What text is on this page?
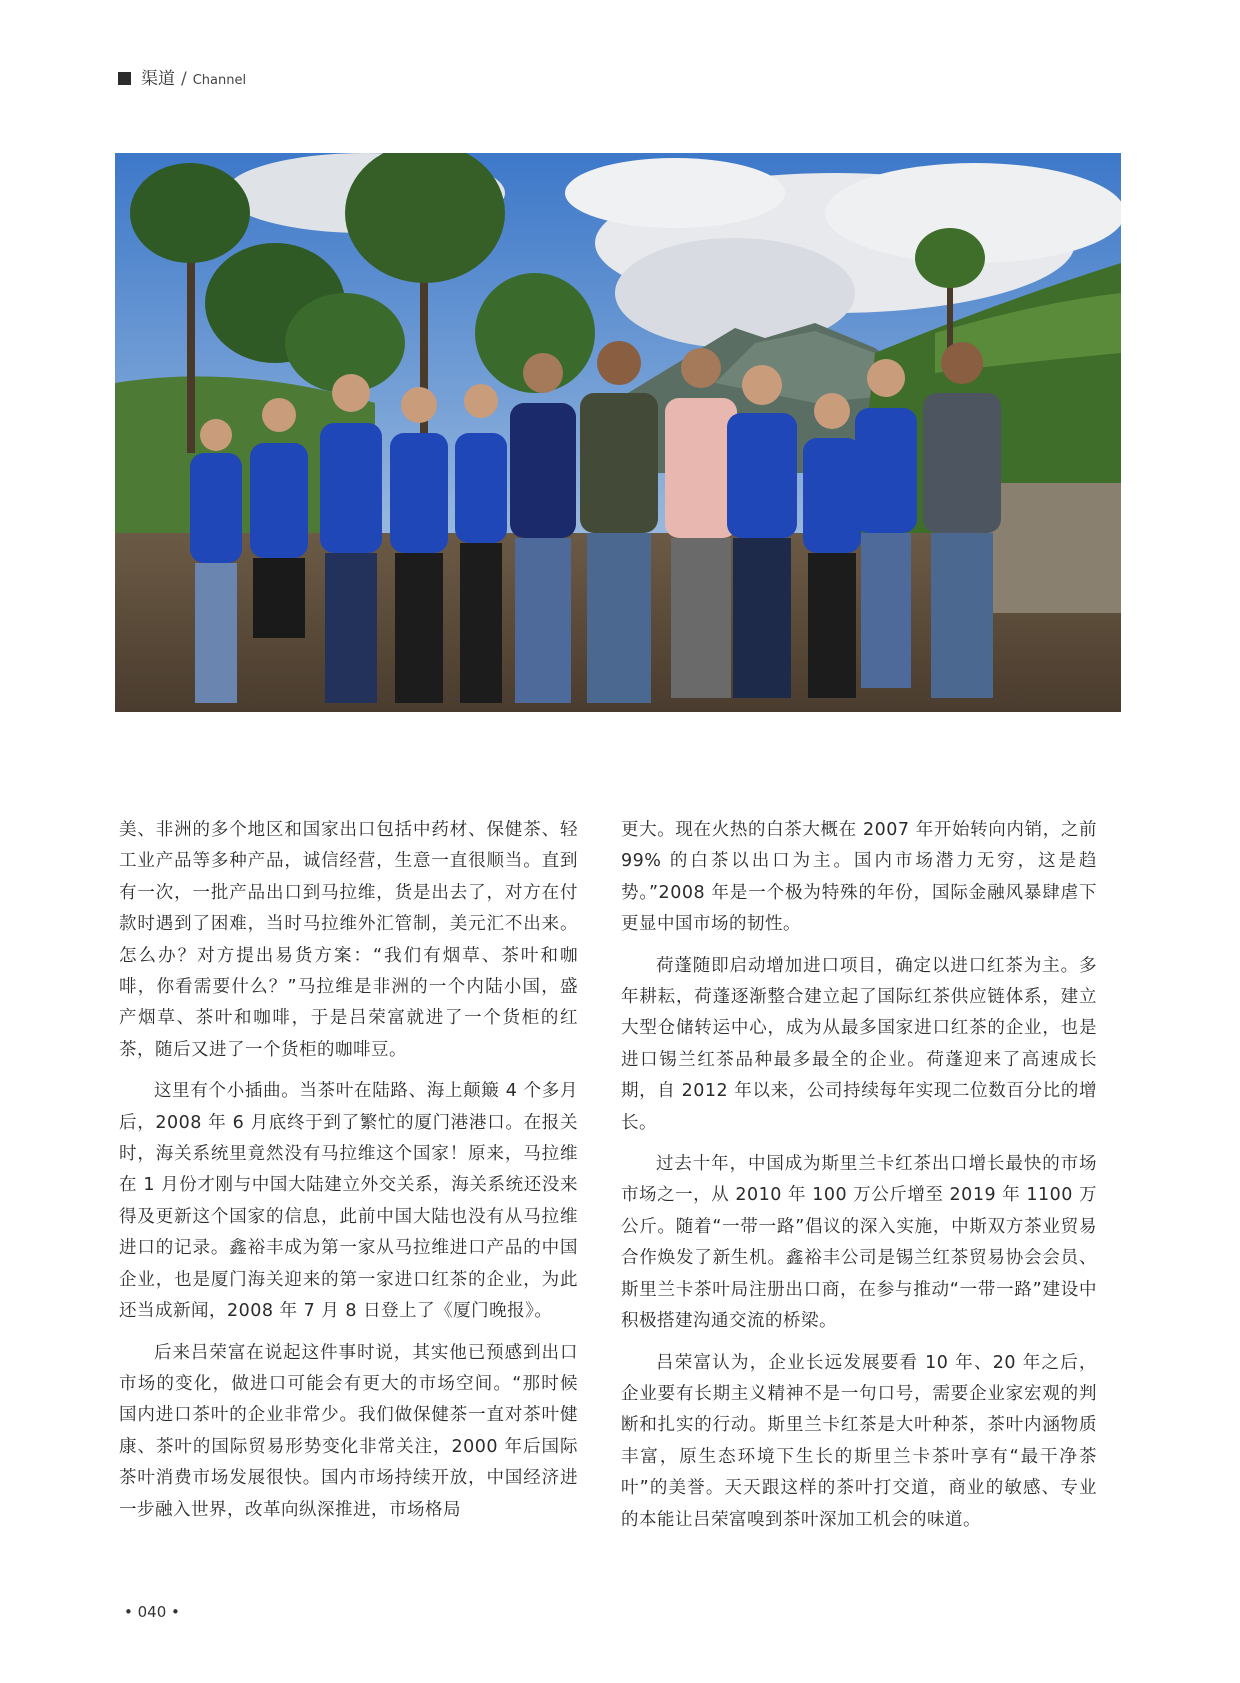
渠道 / Channel

美、非洲的多个地区和国家出口包括中药材、保健茶、轻工业产品等多种产品，诚信经营，生意一直很顺当。直到有一次，一批产品出口到马拉维，货是出去了，对方在付款时遇到了困难，当时马拉维外汇管制，美元汇不出来。怎么办？对方提出易货方案：“我们有烟草、茶叶和咖啡，你看需要什么？”马拉维是非洲的一个内陆小国，盛产烟草、茶叶和咖啡，于是吕荣富就进了一个货柜的红茶，随后又进了一个货柜的咖啡豆。

这里有个小插曲。当茶叶在陆路、海上颠簸 4 个多月后，2008 年 6 月底终于到了繁忙的厦门港港口。在报关时，海关系统里竟然没有马拉维这个国家！原来，马拉维在 1 月份才刚与中国大陆建立外交关系，海关系统还没来得及更新这个国家的信息，此前中国大陆也没有从马拉维进口的记录。鑫裕丰成为第一家从马拉维进口产品的中国企业，也是厦门海关迎来的第一家进口红茶的企业，为此还当成新闻，2008 年 7 月 8 日登上了《厦门晚报》。

后来吕荣富在说起这件事时说，其实他已预感到出口市场的变化，做进口可能会有更大的市场空间。“那时候国内进口茶叶的企业非常少。我们做保健茶一直对茶叶健康、茶叶的国际贸易形势变化非常关注，2000 年后国际茶叶消费市场发展很快。国内市场持续开放，中国经济进一步融入世界，改革向纵深推进，市场格局

更大。现在火热的白茶大概在 2007 年开始转向内销，之前 99% 的白茶以出口为主。国内市场潜力无穷，这是趋势。”2008 年是一个极为特殊的年份，国际金融风暴肆虐下更显中国市场的韧性。

荷蓬随即启动增加进口项目，确定以进口红茶为主。多年耕耘，荷蓬逐渐整合建立起了国际红茶供应链体系，建立大型仓储转运中心，成为从最多国家进口红茶的企业，也是进口锡兰红茶品种最多最全的企业。荷蓬迎来了高速成长期，自 2012 年以来，公司持续每年实现二位数百分比的增长。

过去十年，中国成为斯里兰卡红茶出口增长最快的市场市场之一，从 2010 年 100 万公斤增至 2019 年 1100 万公斤。随着“一带一路”倡议的深入实施，中斯双方茶业贸易合作焕发了新生机。鑫裕丰公司是锡兰红茶贸易协会会员、斯里兰卡茶叶局注册出口商，在参与推动“一带一路”建设中积极搭建沟通交流的桥梁。

吕荣富认为，企业长远发展要看 10 年、20 年之后，企业要有长期主义精神不是一句口号，需要企业家宏观的判断和扎实的行动。斯里兰卡红茶是大叶种茶，茶叶内涵物质丰富，原生态环境下生长的斯里兰卡茶叶享有“最干净茶叶”的美誉。天天跟这样的茶叶打交道，商业的敏感、专业的本能让吕荣富嗅到茶叶深加工机会的味道。

• 040 •
